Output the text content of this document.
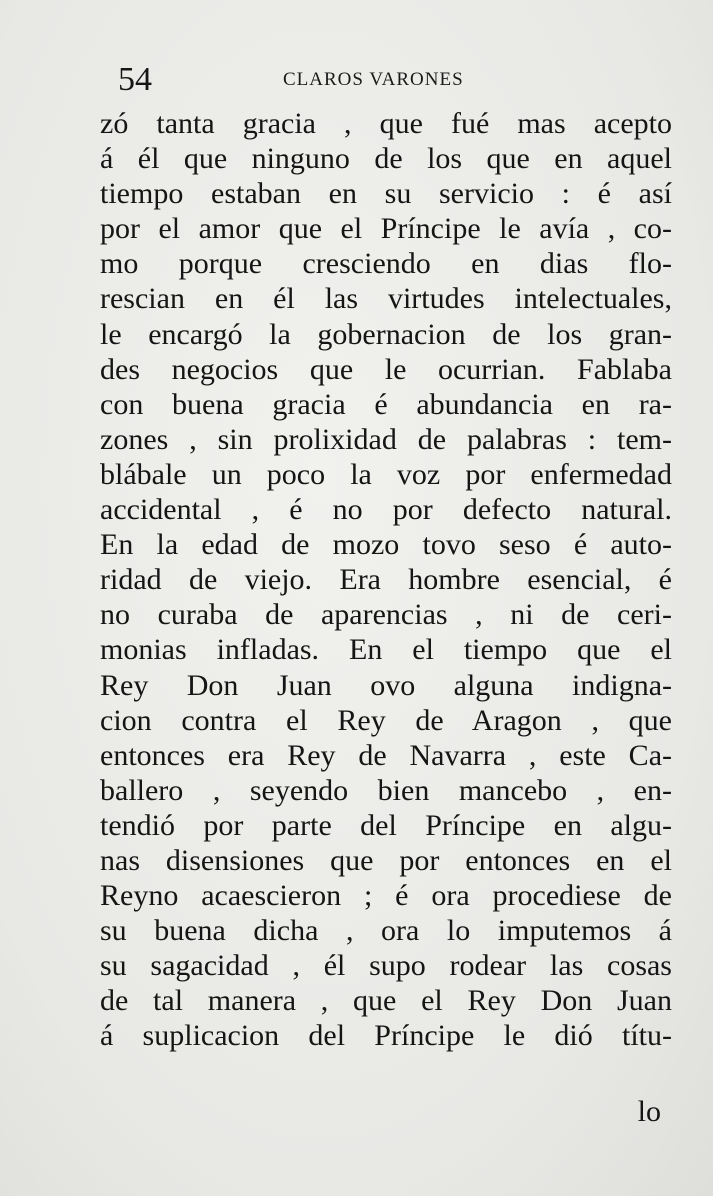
54	CLAROS VARONES
zó tanta gracia , que fué mas acepto
á él que ninguno de los que en aquel
tiempo estaban en su servicio : é así
por el amor que el Príncipe le avía , co-
mo porque cresciendo en dias flo-
rescian en él las virtudes intelectuales,
le encargó la gobernacion de los gran-
des negocios que le ocurrian. Fablaba
con buena gracia é abundancia en ra-
zones , sin prolixidad de palabras : tem-
blábale un poco la voz por enfermedad
accidental , é no por defecto natural.
En la edad de mozo tovo seso é auto-
ridad de viejo. Era hombre esencial, é
no curaba de aparencias , ni de ceri-
monias infladas. En el tiempo que el
Rey Don Juan ovo alguna indigna-
cion contra el Rey de Aragon , que
entonces era Rey de Navarra , este Ca-
ballero , seyendo bien mancebo , en-
tendió por parte del Príncipe en algu-
nas disensiones que por entonces en el
Reyno acaescieron ; é ora procediese de
su buena dicha , ora lo imputemos á
su sagacidad , él supo rodear las cosas
de tal manera , que el Rey Don Juan
á suplicacion del Príncipe le dió títu-
lo
